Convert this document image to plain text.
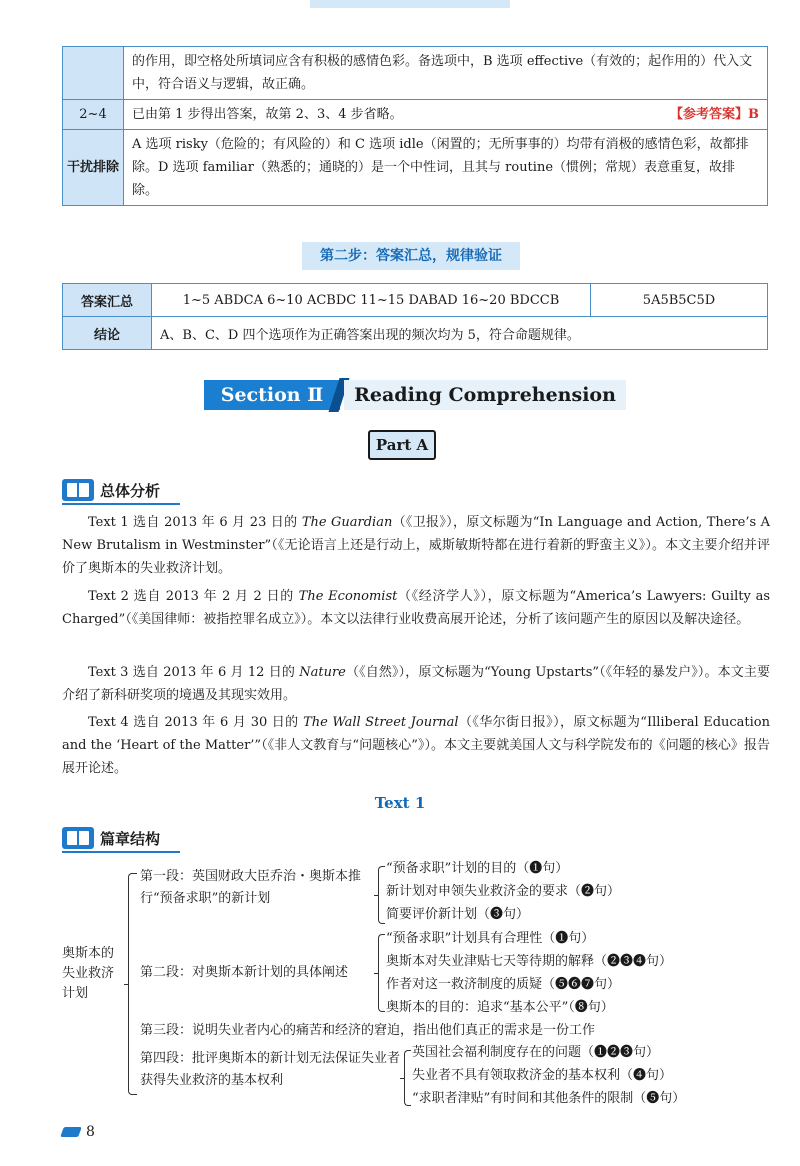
	的作用，即空格处所填词应含有积极的感情色彩。备选项中，B 选项 effective（有效的；起作用的）代入文中，符合语义与逻辑，故正确。
2~4	已由第 1 步得出答案，故第 2、3、4 步省略。 【参考答案】B

干扰排除	A 选项 risky（危险的；有风险的）和 C 选项 idle（闲置的；无所事事的）均带有消极的感情色彩，故都排除。D 选项 familiar（熟悉的；通晓的）是一个中性词，且其与 routine（惯例；常规）表意重复，故排除。
第二步：答案汇总，规律验证
答案汇总	1~5 ABDCA 6~10 ACBDC 11~15 DABAD 16~20 BDCCB	5A5B5C5D
结论	A、B、C、D 四个选项作为正确答案出现的频次均为 5，符合命题规律。	
Section Ⅱ	Reading Comprehension
Part A
总体分析
Text 1 选自 2013 年 6 月 23 日的 The Guardian（《卫报》），原文标题为“In Language and Action, There’s A New Brutalism in Westminster”（《无论语言上还是行动上，威斯敏斯特都在进行着新的野蛮主义》）。本文主要介绍并评价了奥斯本的失业救济计划。
Text 2 选自 2013 年 2 月 2 日的 The Economist（《经济学人》），原文标题为“America’s Lawyers: Guilty as Charged”（《美国律师：被指控罪名成立》）。本文以法律行业收费高展开论述，分析了该问题产生的原因以及解决途径。
Text 3 选自 2013 年 6 月 12 日的 Nature（《自然》），原文标题为“Young Upstarts”（《年轻的暴发户》）。本文主要介绍了新科研奖项的境遇及其现实效用。
Text 4 选自 2013 年 6 月 30 日的 The Wall Street Journal（《华尔街日报》），原文标题为“Illiberal Education and the ‘Heart of the Matter’”（《非人文教育与“问题核心”》）。本文主要就美国人文与科学院发布的《问题的核心》报告展开论述。
Text 1
篇章结构
奥斯本的失业救济计划
第一段：英国财政大臣乔治・奥斯本推行“预备求职”的新计划
“预备求职”计划的目的（❶句）
新计划对申领失业救济金的要求（❷句）
简要评价新计划（❸句）
第二段：对奥斯本新计划的具体阐述
“预备求职”计划具有合理性（❶句）
奥斯本对失业津贴七天等待期的解释（❷❸❹句）
作者对这一救济制度的质疑（❺❻❼句）
奥斯本的目的：追求“基本公平”（❽句）
第三段：说明失业者内心的痛苦和经济的窘迫，指出他们真正的需求是一份工作
第四段：批评奥斯本的新计划无法保证失业者获得失业救济的基本权利
英国社会福利制度存在的问题（❶❷❸句）
失业者不具有领取救济金的基本权利（❹句）
“求职者津贴”有时间和其他条件的限制（❺句）
8
